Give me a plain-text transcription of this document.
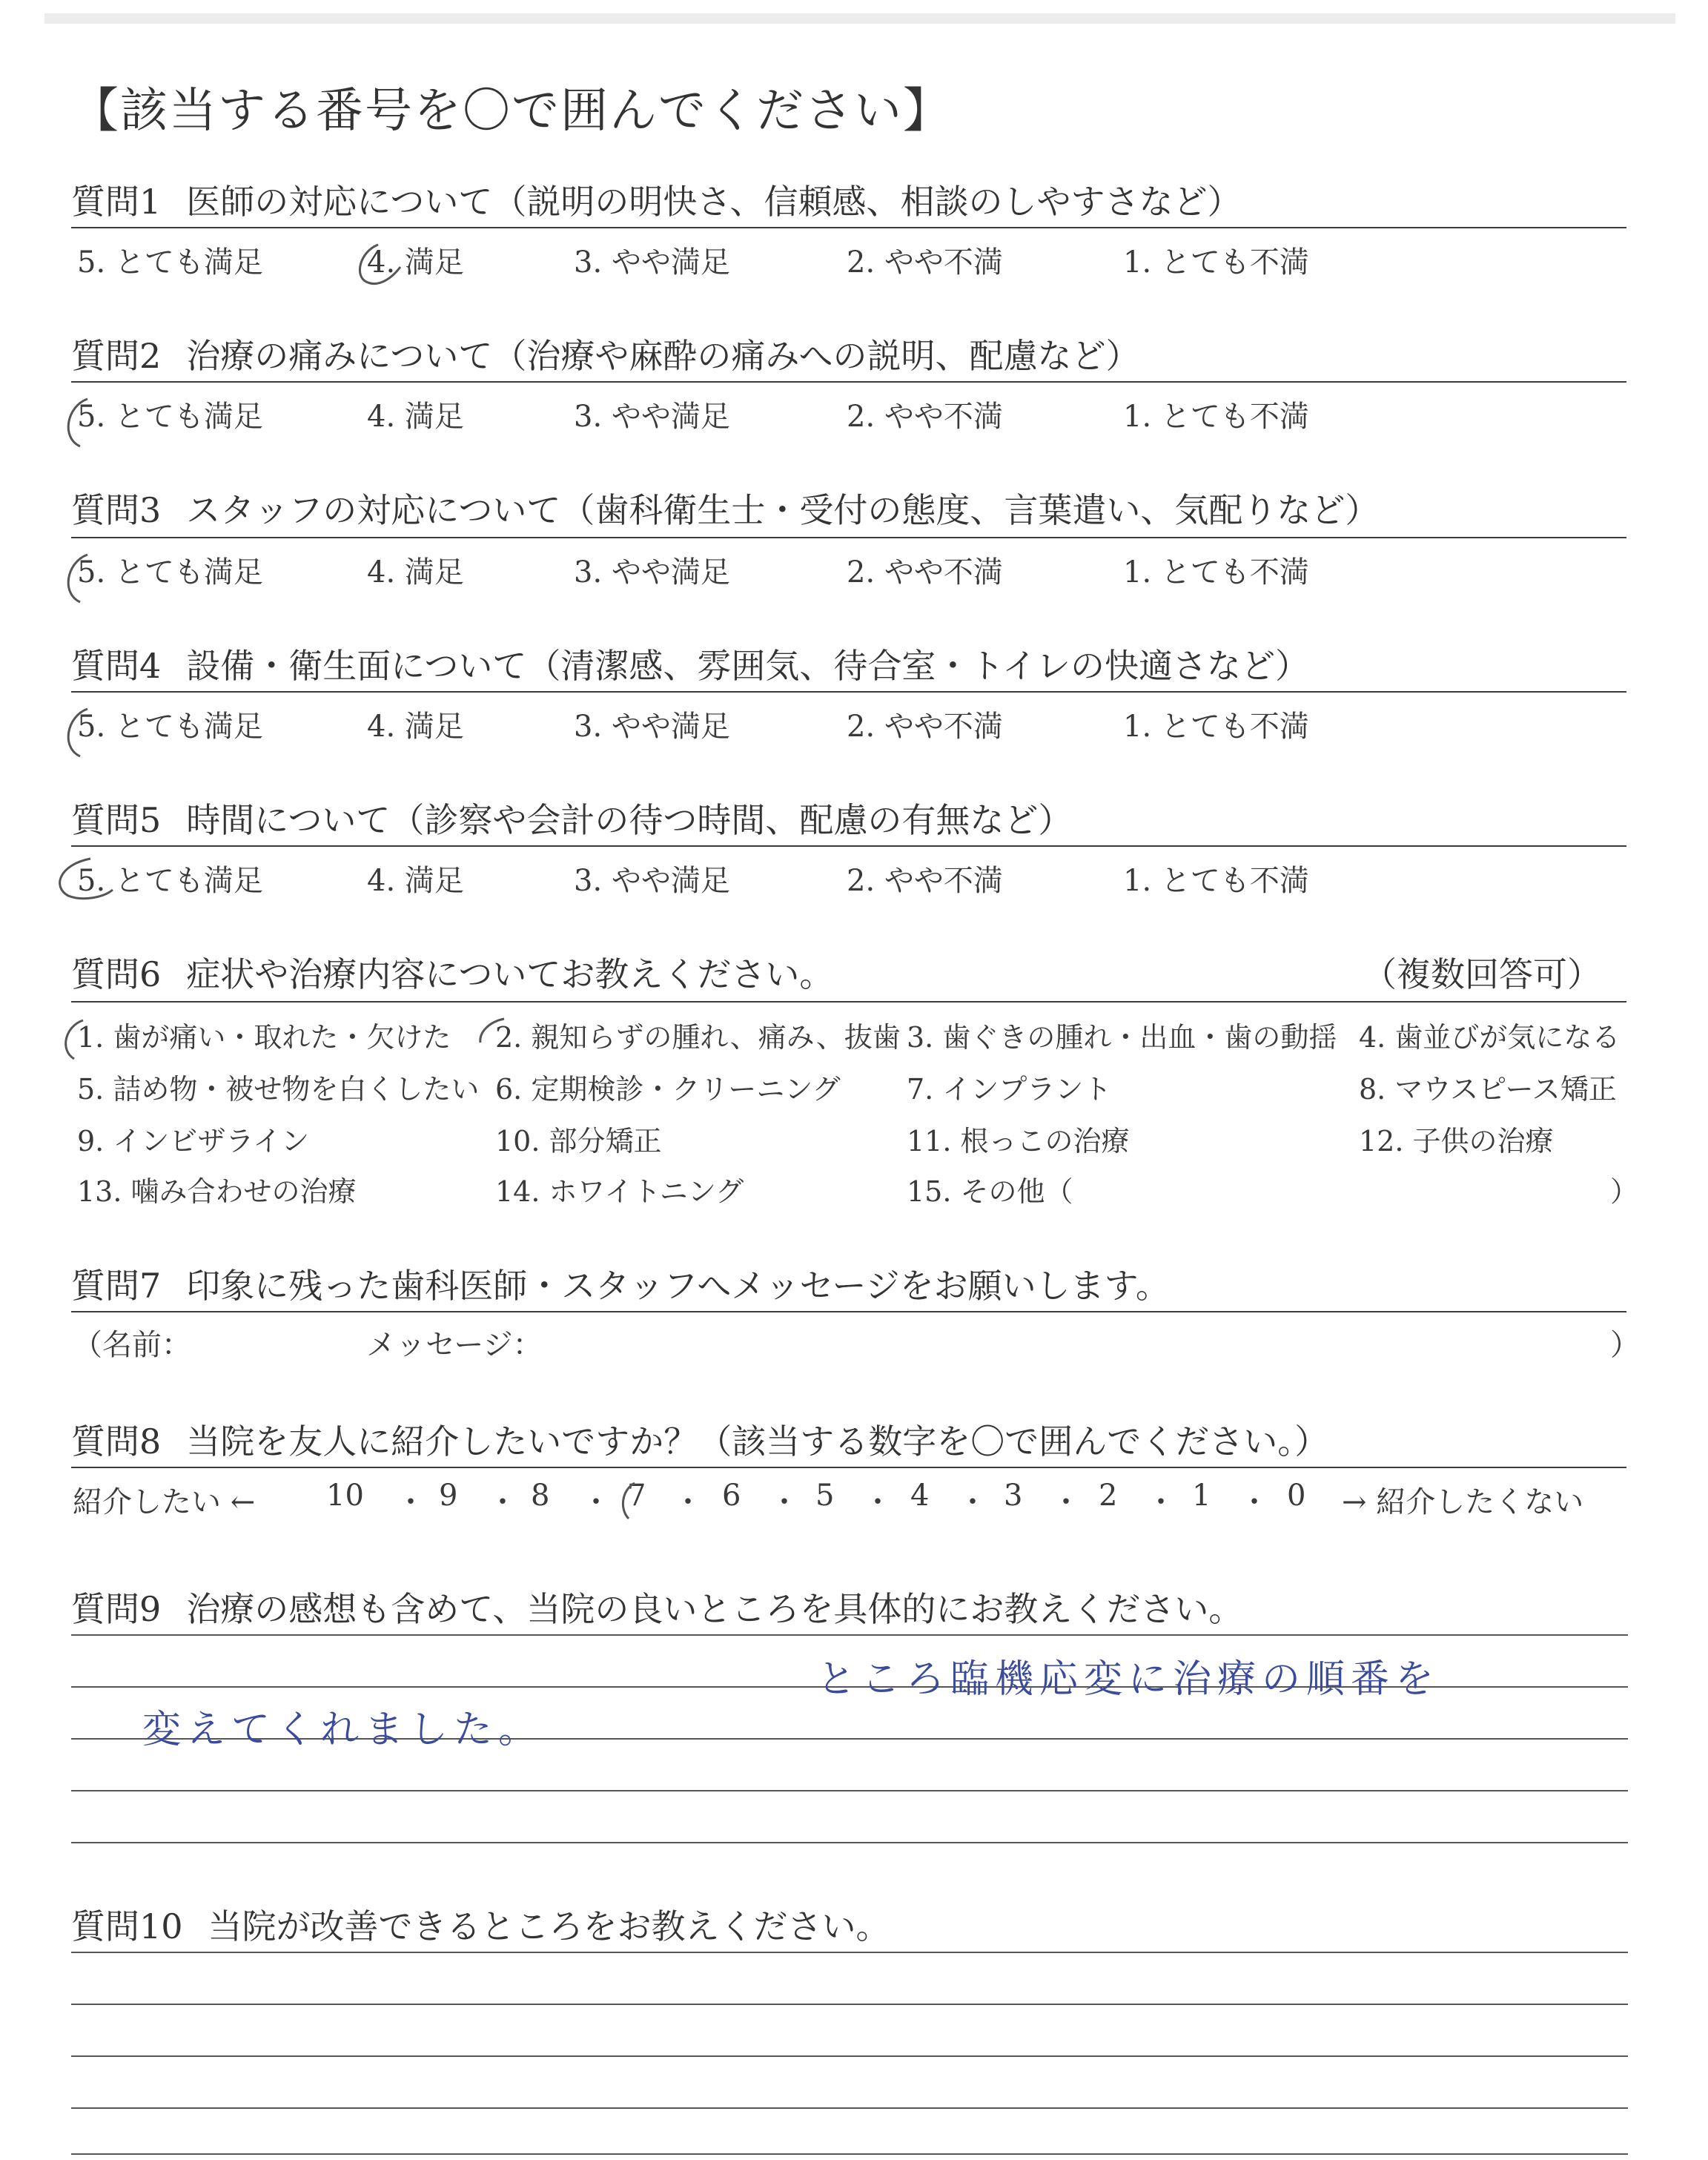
【該当する番号を〇で囲んでください】
質問1 医師の対応について（説明の明快さ、信頼感、相談のしやすさなど）
5. とても満足	4. 満足	3. やや満足	2. やや不満	1. とても不満
質問2 治療の痛みについて（治療や麻酔の痛みへの説明、配慮など）
5. とても満足	4. 満足	3. やや満足	2. やや不満	1. とても不満
質問3 スタッフの対応について（歯科衛生士・受付の態度、言葉遣い、気配りなど）
5. とても満足	4. 満足	3. やや満足	2. やや不満	1. とても不満
質問4 設備・衛生面について（清潔感、雰囲気、待合室・トイレの快適さなど）
5. とても満足	4. 満足	3. やや満足	2. やや不満	1. とても不満
質問5 時間について（診察や会計の待つ時間、配慮の有無など）
5. とても満足	4. 満足	3. やや満足	2. やや不満	1. とても不満
質問6 症状や治療内容についてお教えください。	（複数回答可）
1. 歯が痛い・取れた・欠けた 2. 親知らずの腫れ、痛み、抜歯 3. 歯ぐきの腫れ・出血・歯の動揺 4. 歯並びが気になる
5. 詰め物・被せ物を白くしたい 6. 定期検診・クリーニング 7. インプラント	8. マウスピース矯正
9. インビザライン	10. 部分矯正	11. 根っこの治療	12. 子供の治療
13. 噛み合わせの治療	14. ホワイトニング	15. その他（	）
質問7 印象に残った歯科医師・スタッフへメッセージをお願いします。
（名前：	メッセージ：	）
質問8 当院を友人に紹介したいですか？（該当する数字を〇で囲んでください。）
紹介したい ← 10 ・ 9 ・ 8 ・ 7 ・ 6 ・ 5 ・ 4 ・ 3 ・ 2 ・ 1 ・ 0 → 紹介したくない
質問9 治療の感想も含めて、当院の良いところを具体的にお教えください。
ところ臨機応変に治療の順番を
変えてくれました。
質問10 当院が改善できるところをお教えください。
